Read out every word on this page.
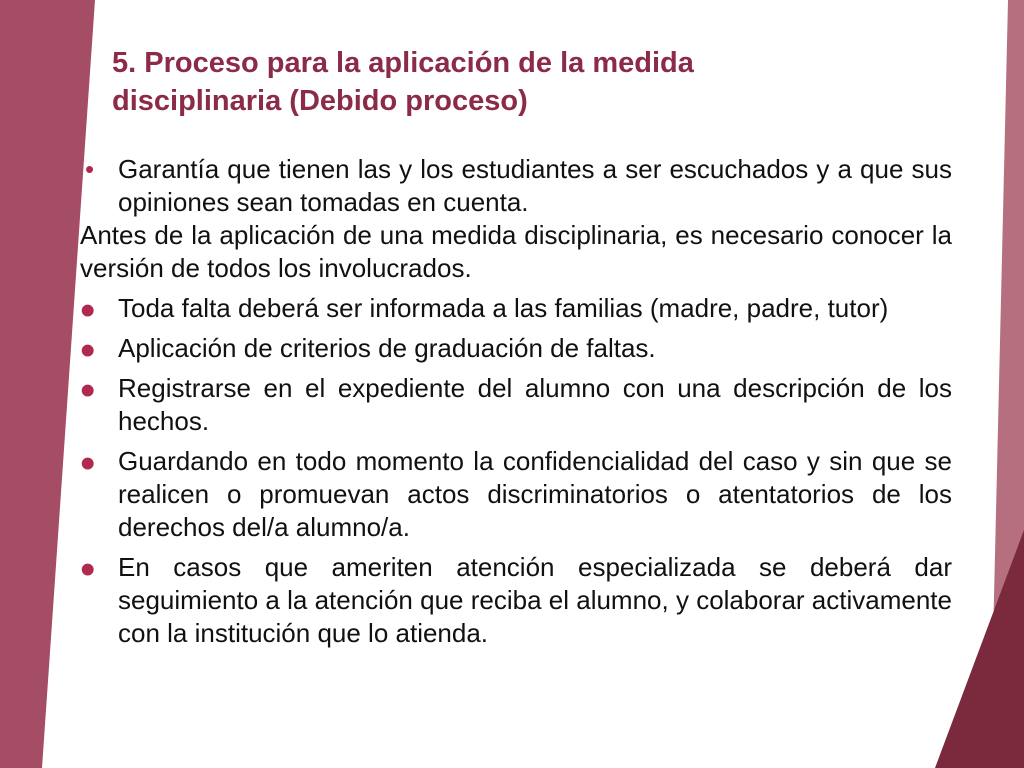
5. Proceso para la aplicación de la medida disciplinaria (Debido proceso)
• Garantía que tienen las y los estudiantes a ser escuchados y a que sus opiniones sean tomadas en cuenta.
Antes de la aplicación de una medida disciplinaria, es necesario conocer la versión de todos los involucrados.
• Toda falta deberá ser informada a las familias (madre, padre, tutor)
• Aplicación de criterios de graduación de faltas.
• Registrarse en el expediente del alumno con una descripción de los hechos.
• Guardando en todo momento la confidencialidad del caso y sin que se realicen o promuevan actos discriminatorios o atentatorios de los derechos del/a alumno/a.
• En casos que ameriten atención especializada se deberá dar seguimiento a la atención que reciba el alumno, y colaborar activamente con la institución que lo atienda.
